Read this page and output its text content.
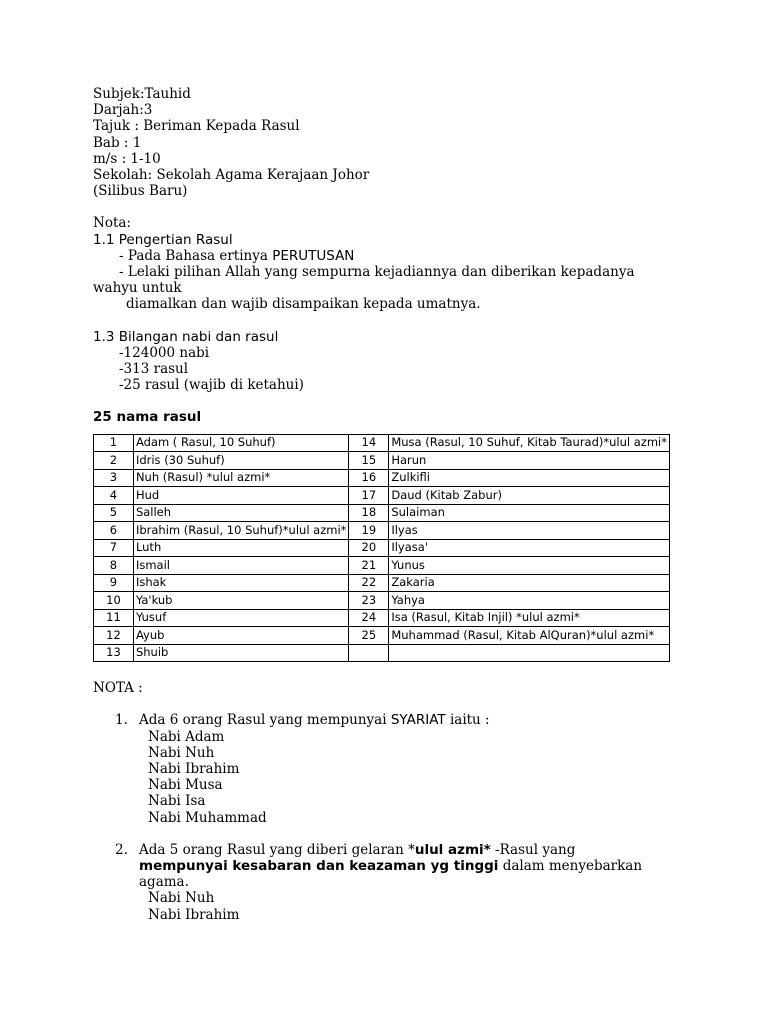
Subjek:Tauhid
Darjah:3
Tajuk : Beriman Kepada Rasul
Bab : 1
m/s : 1-10
Sekolah: Sekolah Agama Kerajaan Johor
(Silibus Baru)
Nota:
1.1 Pengertian Rasul
- Pada Bahasa ertinya PERUTUSAN
- Lelaki pilihan Allah yang sempurna kejadiannya dan diberikan kepadanya
wahyu untuk
diamalkan dan wajib disampaikan kepada umatnya.
1.3 Bilangan nabi dan rasul
-124000 nabi
-313 rasul
-25 rasul (wajib di ketahui)
25 nama rasul
1	Adam ( Rasul, 10 Suhuf)	14	Musa (Rasul, 10 Suhuf, Kitab Taurad)*ulul azmi*
2	Idris (30 Suhuf)	15	Harun
3	Nuh (Rasul) *ulul azmi*	16	Zulkifli
4	Hud	17	Daud (Kitab Zabur)
5	Salleh	18	Sulaiman
6	Ibrahim (Rasul, 10 Suhuf)*ulul azmi*	19	Ilyas
7	Luth	20	Ilyasa'
8	Ismail	21	Yunus
9	Ishak	22	Zakaria
10	Ya'kub	23	Yahya
11	Yusuf	24	Isa (Rasul, Kitab Injil) *ulul azmi*
12	Ayub	25	Muhammad (Rasul, Kitab AlQuran)*ulul azmi*
13	Shuib		
NOTA :
1. Ada 6 orang Rasul yang mempunyai SYARIAT iaitu :
Nabi Adam
Nabi Nuh
Nabi Ibrahim
Nabi Musa
Nabi Isa
Nabi Muhammad
2. Ada 5 orang Rasul yang diberi gelaran *ulul azmi* -Rasul yang
mempunyai kesabaran dan keazaman yg tinggi dalam menyebarkan
agama.
Nabi Nuh
Nabi Ibrahim
